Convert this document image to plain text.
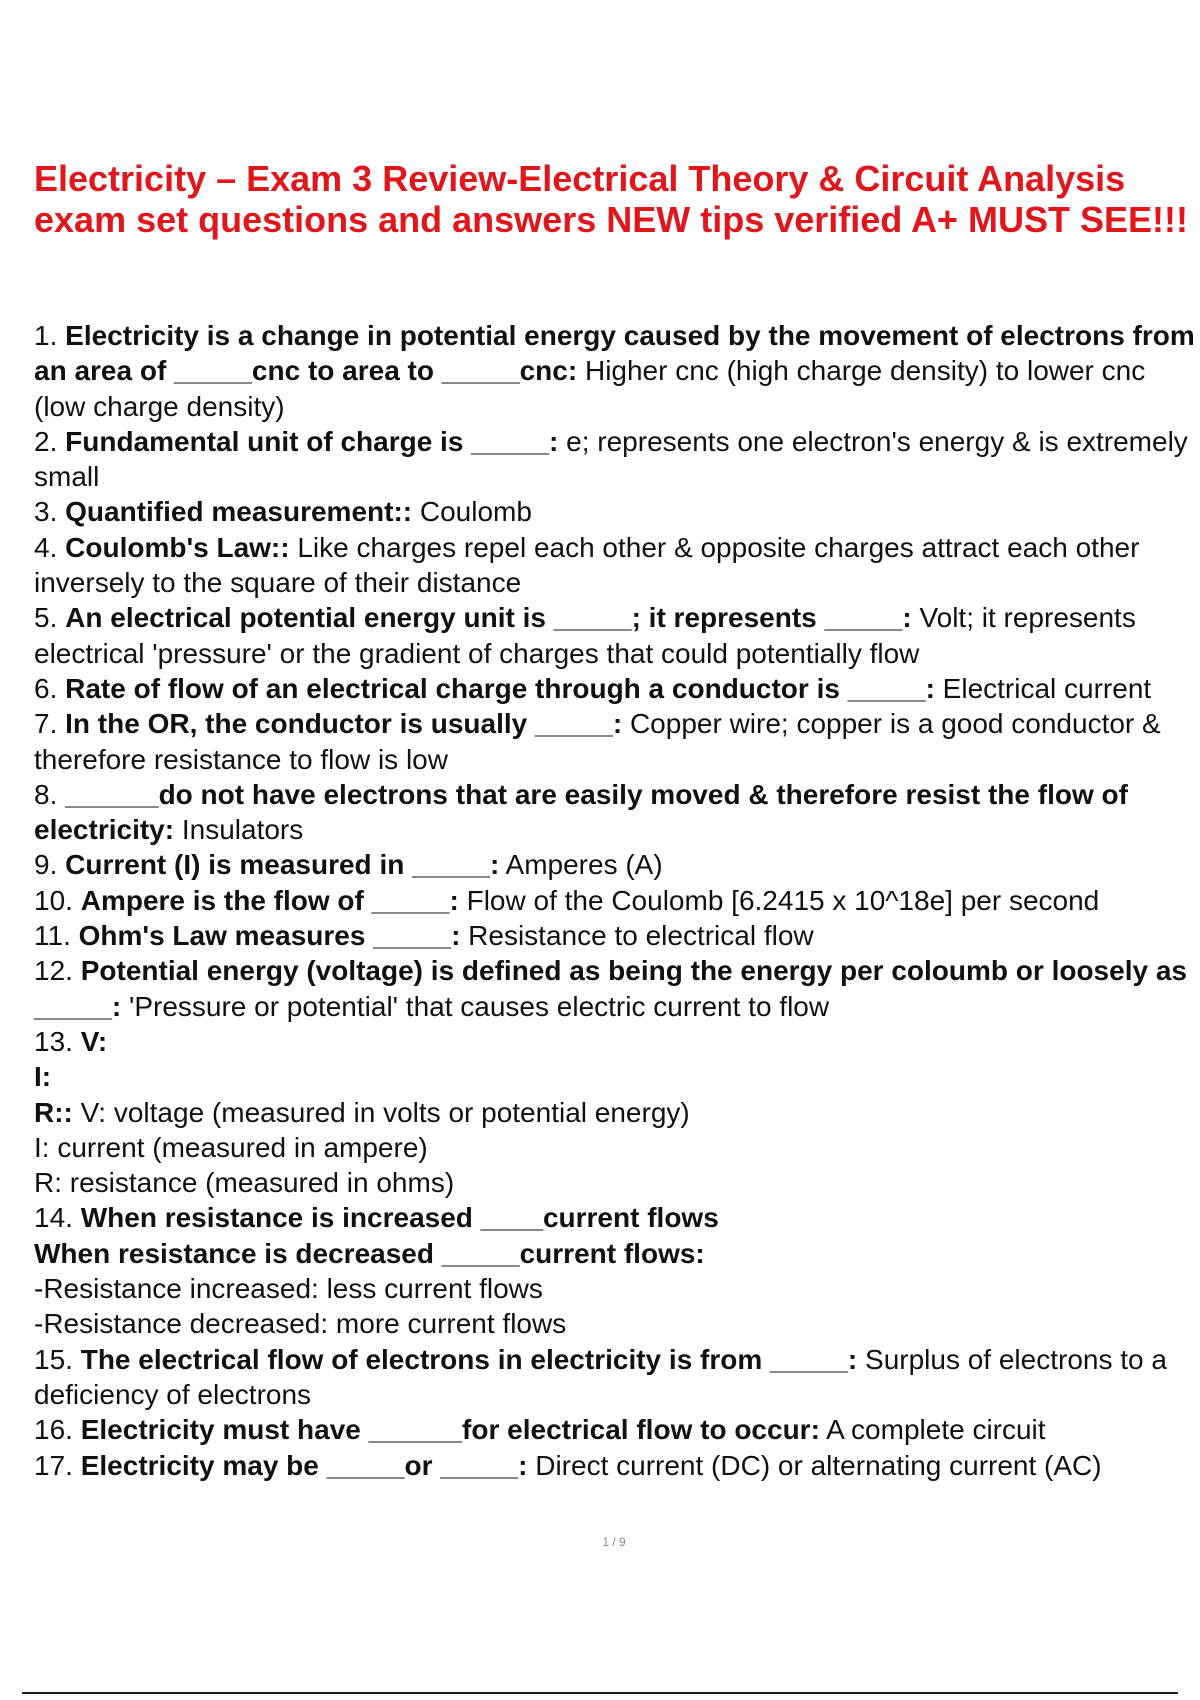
Electricity – Exam 3 Review-Electrical Theory & Circuit Analysis exam set questions and answers NEW tips verified A+ MUST SEE!!!

1. Electricity is a change in potential energy caused by the movement of electrons from an area of _____cnc to area to _____cnc: Higher cnc (high charge density) to lower cnc (low charge density)

2. Fundamental unit of charge is _____: e; represents one electron's energy & is extremely small

3. Quantified measurement:: Coulomb

4. Coulomb's Law:: Like charges repel each other & opposite charges attract each other inversely to the square of their distance

5. An electrical potential energy unit is _____; it represents _____: Volt; it represents electrical 'pressure' or the gradient of charges that could potentially flow

6. Rate of flow of an electrical charge through a conductor is _____: Electrical current

7. In the OR, the conductor is usually _____: Copper wire; copper is a good conductor & therefore resistance to flow is low

8. ______do not have electrons that are easily moved & therefore resist the flow of electricity: Insulators

9. Current (I) is measured in _____: Amperes (A)

10. Ampere is the flow of _____: Flow of the Coulomb [6.2415 x 10^18e] per second

11. Ohm's Law measures _____: Resistance to electrical flow

12. Potential energy (voltage) is defined as being the energy per coloumb or loosely as _____: 'Pressure or potential' that causes electric current to flow

13. V:
I:
R:: V: voltage (measured in volts or potential energy)
I: current (measured in ampere)
R: resistance (measured in ohms)

14. When resistance is increased ____current flows
When resistance is decreased _____current flows:
-Resistance increased: less current flows
-Resistance decreased: more current flows

15. The electrical flow of electrons in electricity is from _____: Surplus of electrons to a deficiency of electrons

16. Electricity must have ______for electrical flow to occur: A complete circuit

17. Electricity may be _____or _____: Direct current (DC) or alternating current (AC)

1 / 9
